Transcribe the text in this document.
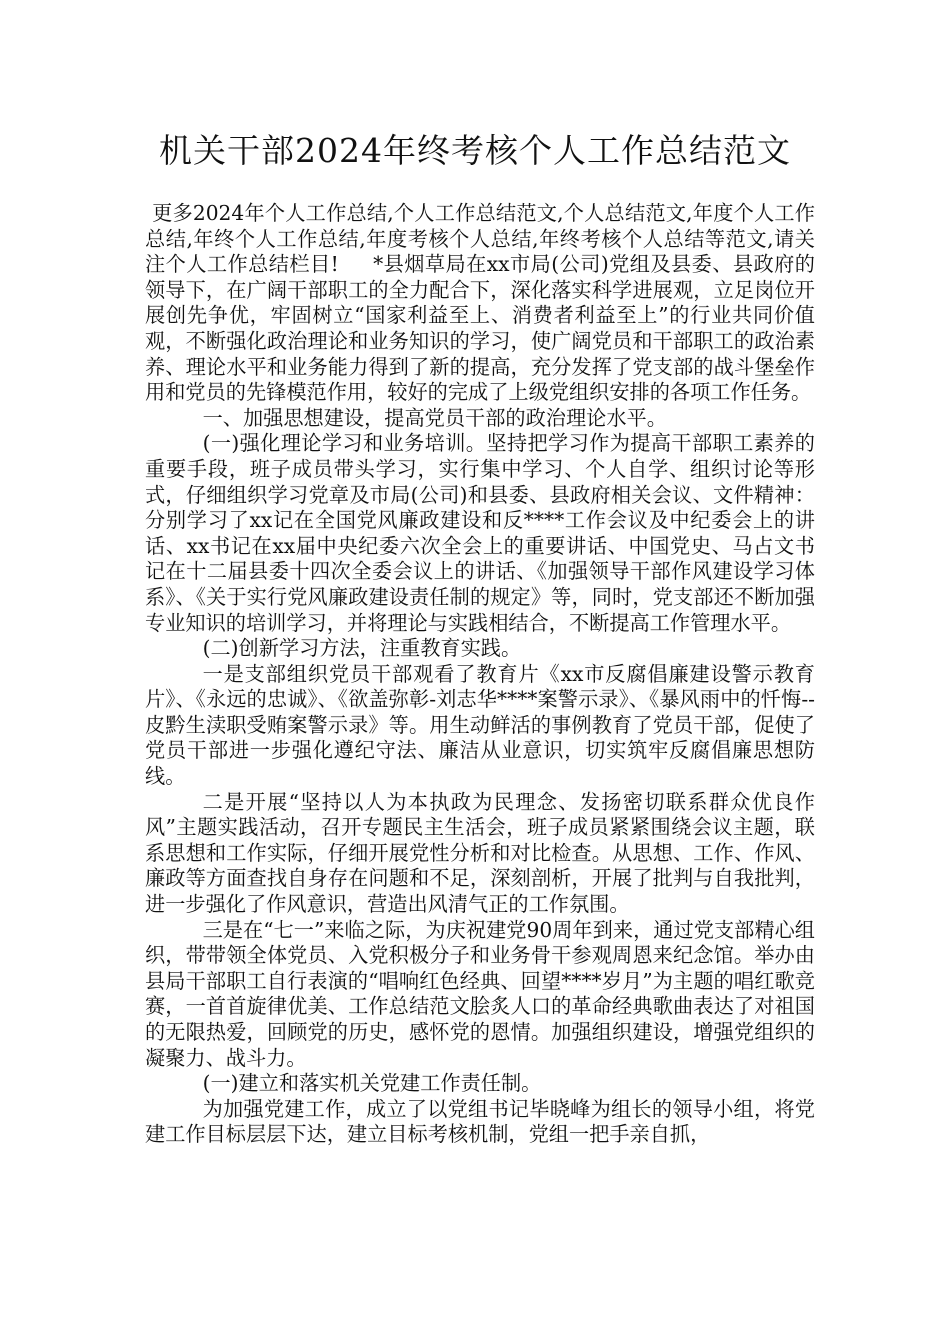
机关干部2024年终考核个人工作总结范文

更多2024年个人工作总结,个人工作总结范文,个人总结范文,年度个人工作总结,年终个人工作总结,年度考核个人总结,年终考核个人总结等范文,请关注个人工作总结栏目! 　 *县烟草局在xx市局(公司)党组及县委、县政府的领导下，在广阔干部职工的全力配合下，深化落实科学进展观，立足岗位开展创先争优，牢固树立“国家利益至上、消费者利益至上”的行业共同价值观，不断强化政治理论和业务知识的学习，使广阔党员和干部职工的政治素养、理论水平和业务能力得到了新的提高，充分发挥了党支部的战斗堡垒作用和党员的先锋模范作用，较好的完成了上级党组织安排的各项工作任务。

一、加强思想建设，提高党员干部的政治理论水平。

(一)强化理论学习和业务培训。坚持把学习作为提高干部职工素养的重要手段，班子成员带头学习，实行集中学习、个人自学、组织讨论等形式，仔细组织学习党章及市局(公司)和县委、县政府相关会议、文件精神：分别学习了xx记在全国党风廉政建设和反****工作会议及中纪委会上的讲话、xx书记在xx届中央纪委六次全会上的重要讲话、中国党史、马占文书记在十二届县委十四次全委会议上的讲话、《加强领导干部作风建设学习体系》、《关于实行党风廉政建设责任制的规定》等，同时，党支部还不断加强专业知识的培训学习，并将理论与实践相结合，不断提高工作管理水平。

(二)创新学习方法，注重教育实践。

一是支部组织党员干部观看了教育片《xx市反腐倡廉建设警示教育片》、《永远的忠诚》、《欲盖弥彰-刘志华****案警示录》、《暴风雨中的忏悔--皮黔生渎职受贿案警示录》等。用生动鲜活的事例教育了党员干部，促使了党员干部进一步强化遵纪守法、廉洁从业意识，切实筑牢反腐倡廉思想防线。

二是开展“坚持以人为本执政为民理念、发扬密切联系群众优良作风”主题实践活动，召开专题民主生活会，班子成员紧紧围绕会议主题，联系思想和工作实际，仔细开展党性分析和对比检查。从思想、工作、作风、廉政等方面查找自身存在问题和不足，深刻剖析，开展了批判与自我批判，进一步强化了作风意识，营造出风清气正的工作氛围。

三是在“七一”来临之际，为庆祝建党90周年到来，通过党支部精心组织，带带领全体党员、入党积极分子和业务骨干参观周恩来纪念馆。举办由县局干部职工自行表演的“唱响红色经典、回望****岁月”为主题的唱红歌竞赛，一首首旋律优美、工作总结范文脍炙人口的革命经典歌曲表达了对祖国的无限热爱，回顾党的历史，感怀党的恩情。加强组织建设，增强党组织的凝聚力、战斗力。

(一)建立和落实机关党建工作责任制。

为加强党建工作，成立了以党组书记毕晓峰为组长的领导小组，将党建工作目标层层下达，建立目标考核机制，党组一把手亲自抓，
